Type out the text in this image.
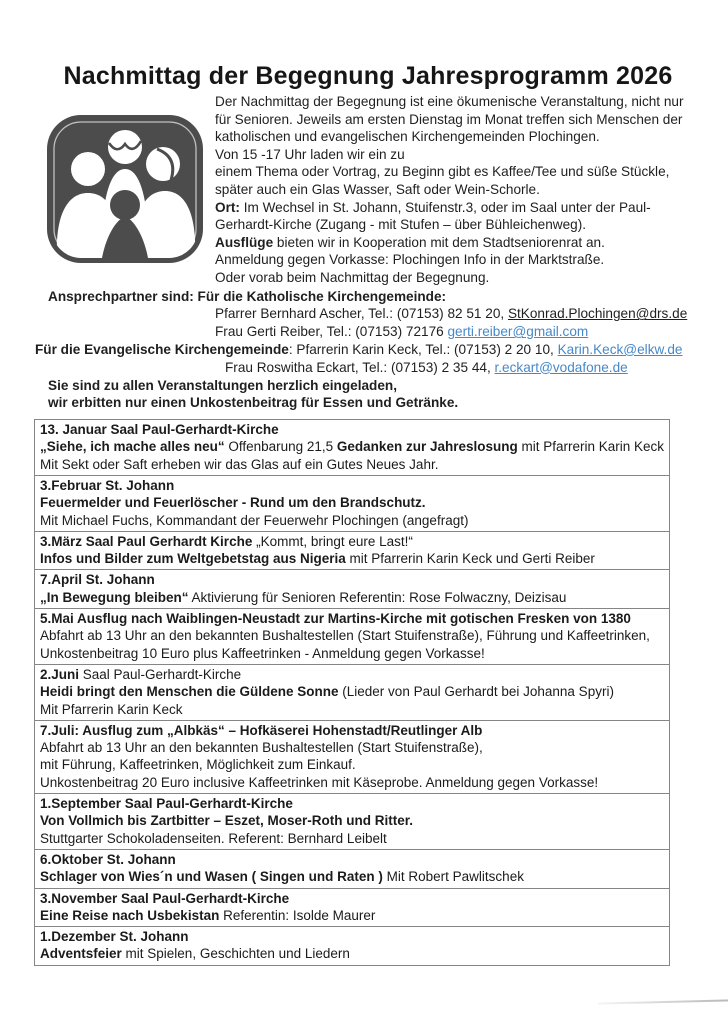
Nachmittag der Begegnung Jahresprogramm 2026
Der Nachmittag der Begegnung ist eine ökumenische Veranstaltung, nicht nur
für Senioren. Jeweils am ersten Dienstag im Monat treffen sich Menschen der
katholischen und evangelischen Kirchengemeinden Plochingen.
Von 15 -17 Uhr laden wir ein zu
einem Thema oder Vortrag, zu Beginn gibt es Kaffee/Tee und süße Stückle,
später auch ein Glas Wasser, Saft oder Wein-Schorle.
Ort: Im Wechsel in St. Johann, Stuifenstr.3, oder im Saal unter der Paul-
Gerhardt-Kirche (Zugang - mit Stufen – über Bühleichenweg).
Ausflüge bieten wir in Kooperation mit dem Stadtseniorenrat an.
Anmeldung gegen Vorkasse: Plochingen Info in der Marktstraße.
Oder vorab beim Nachmittag der Begegnung.
Ansprechpartner sind: Für die Katholische Kirchengemeinde:
Pfarrer Bernhard Ascher, Tel.: (07153) 82 51 20, StKonrad.Plochingen@drs.de
Frau Gerti Reiber, Tel.: (07153) 72176 gerti.reiber@gmail.com
Für die Evangelische Kirchengemeinde: Pfarrerin Karin Keck, Tel.: (07153) 2 20 10, Karin.Keck@elkw.de
Frau Roswitha Eckart, Tel.: (07153) 2 35 44, r.eckart@vodafone.de
Sie sind zu allen Veranstaltungen herzlich eingeladen,
wir erbitten nur einen Unkostenbeitrag für Essen und Getränke.
13. Januar Saal Paul-Gerhardt-Kirche
„Siehe, ich mache alles neu“ Offenbarung 21,5 Gedanken zur Jahreslosung mit Pfarrerin Karin Keck
Mit Sekt oder Saft erheben wir das Glas auf ein Gutes Neues Jahr.

3.Februar St. Johann
Feuermelder und Feuerlöscher - Rund um den Brandschutz.
Mit Michael Fuchs, Kommandant der Feuerwehr Plochingen (angefragt)

3.März Saal Paul Gerhardt Kirche „Kommt, bringt eure Last!“
Infos und Bilder zum Weltgebetstag aus Nigeria mit Pfarrerin Karin Keck und Gerti Reiber

7.April St. Johann
„In Bewegung bleiben“ Aktivierung für Senioren Referentin: Rose Folwaczny, Deizisau

5.Mai Ausflug nach Waiblingen-Neustadt zur Martins-Kirche mit gotischen Fresken von 1380
Abfahrt ab 13 Uhr an den bekannten Bushaltestellen (Start Stuifenstraße), Führung und Kaffeetrinken,
Unkostenbeitrag 10 Euro plus Kaffeetrinken - Anmeldung gegen Vorkasse!

2.Juni Saal Paul-Gerhardt-Kirche
Heidi bringt den Menschen die Güldene Sonne (Lieder von Paul Gerhardt bei Johanna Spyri)
Mit Pfarrerin Karin Keck

7.Juli: Ausflug zum „Albkäs“ – Hofkäserei Hohenstadt/Reutlinger Alb
Abfahrt ab 13 Uhr an den bekannten Bushaltestellen (Start Stuifenstraße),
mit Führung, Kaffeetrinken, Möglichkeit zum Einkauf.
Unkostenbeitrag 20 Euro inclusive Kaffeetrinken mit Käseprobe. Anmeldung gegen Vorkasse!

1.September Saal Paul-Gerhardt-Kirche
Von Vollmich bis Zartbitter – Eszet, Moser-Roth und Ritter.
Stuttgarter Schokoladenseiten. Referent: Bernhard Leibelt

6.Oktober St. Johann
Schlager von Wies´n und Wasen ( Singen und Raten ) Mit Robert Pawlitschek

3.November Saal Paul-Gerhardt-Kirche
Eine Reise nach Usbekistan Referentin: Isolde Maurer

1.Dezember St. Johann
Adventsfeier mit Spielen, Geschichten und Liedern
